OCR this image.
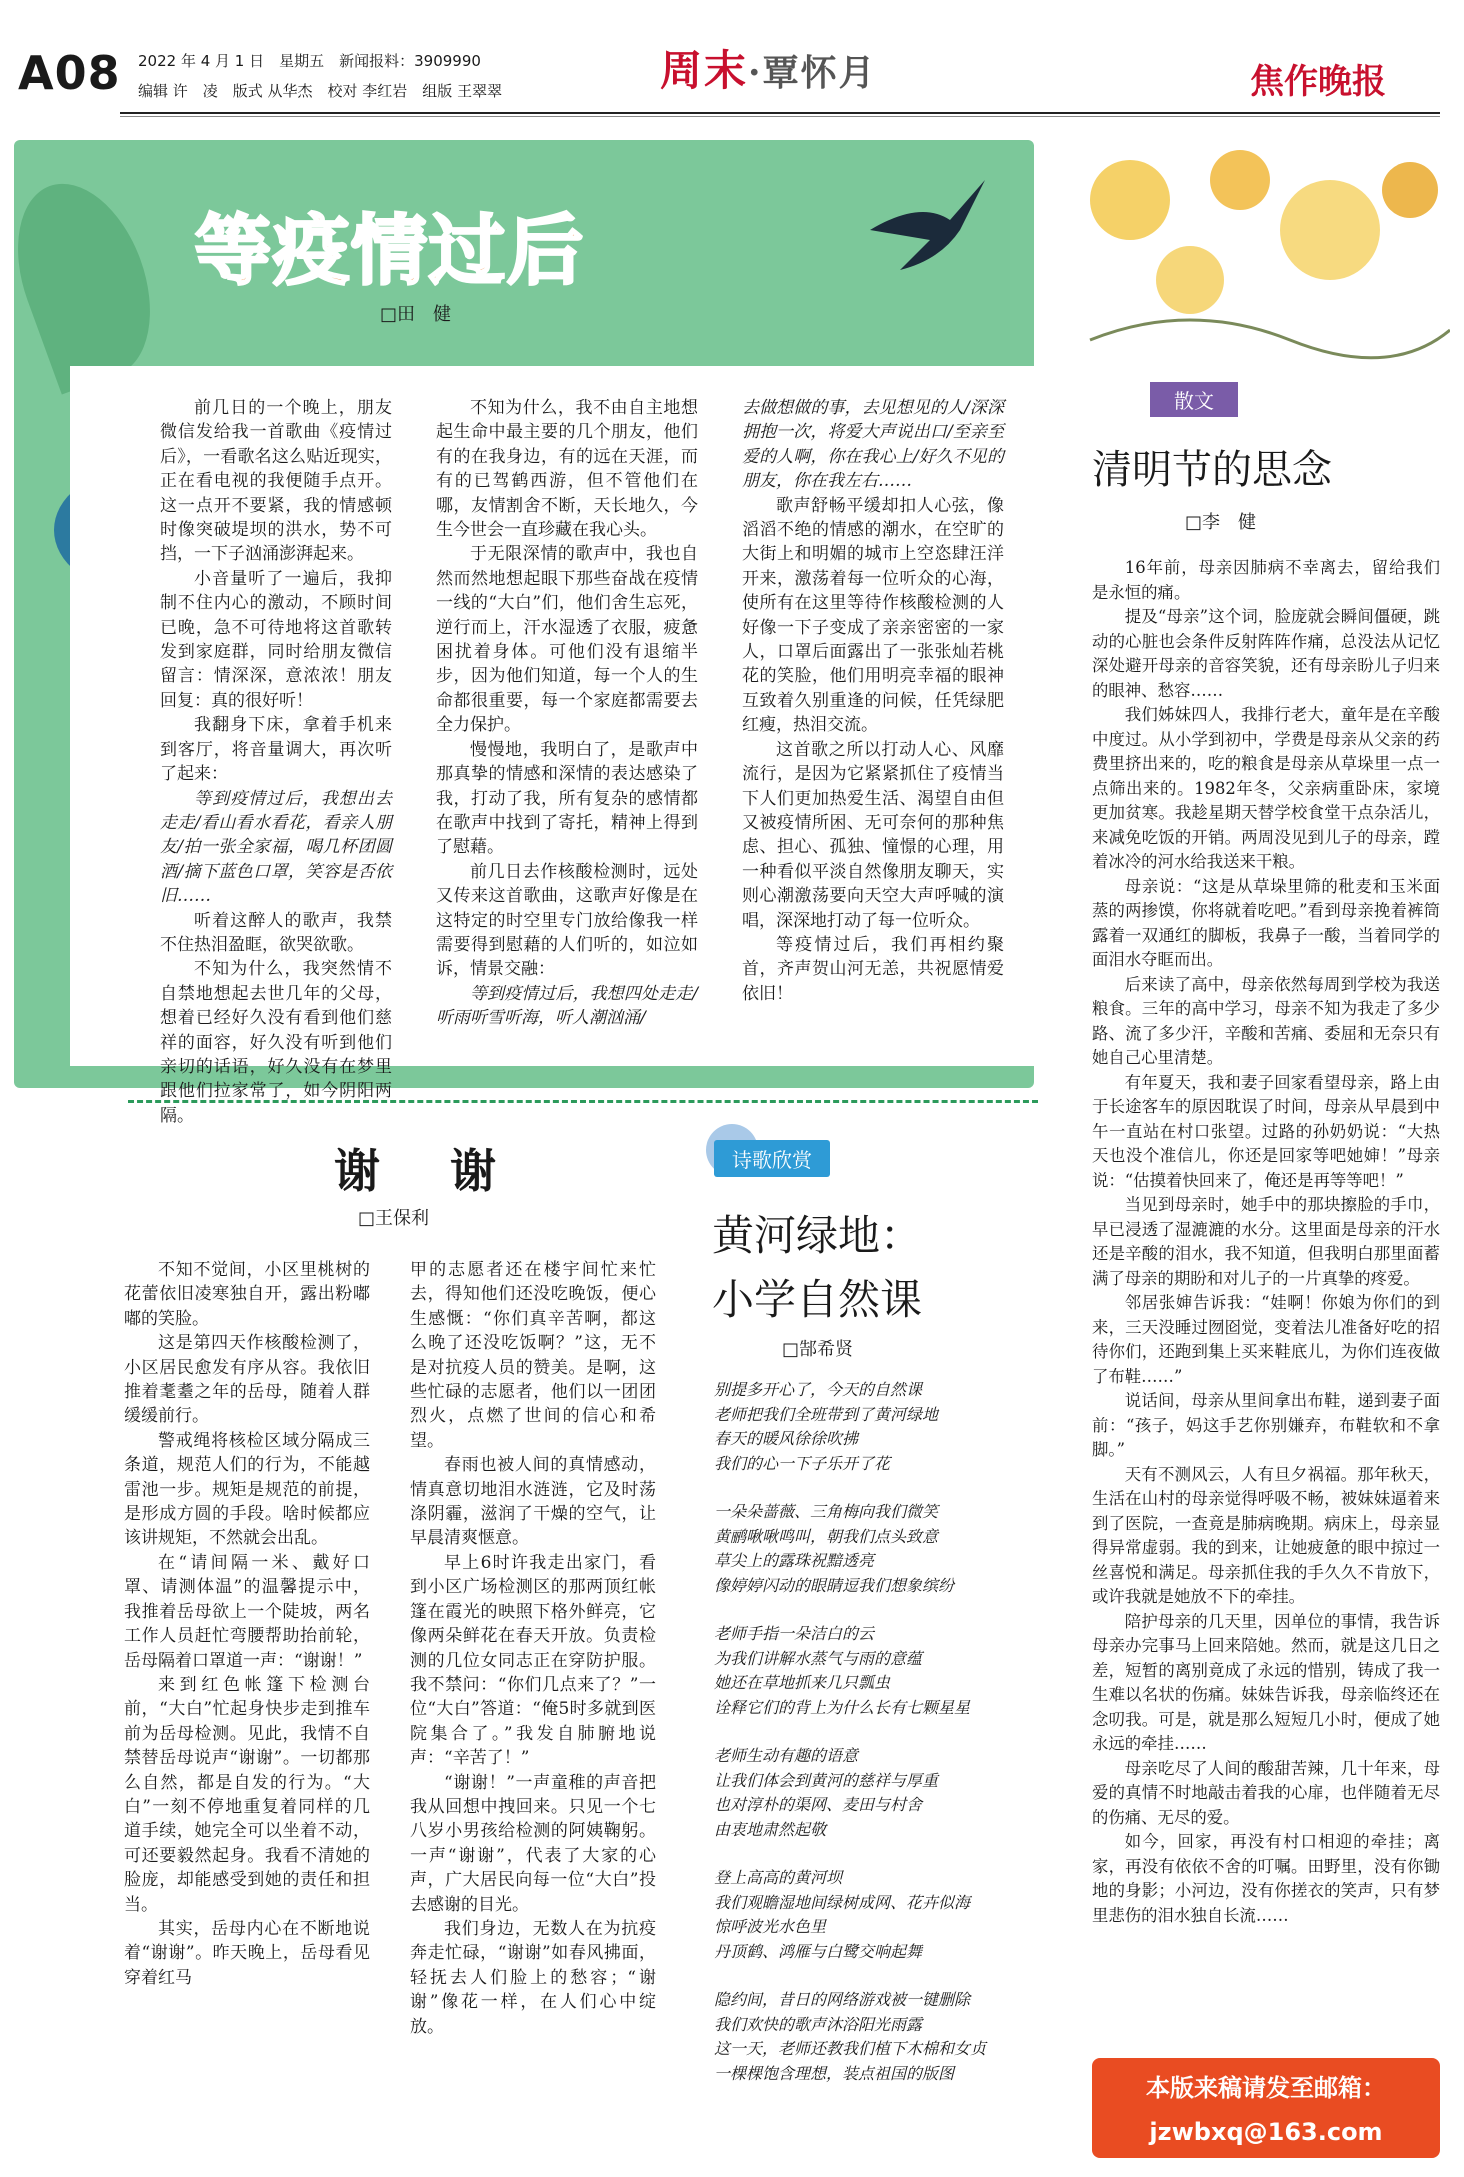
A08 2022 年 4 月 1 日　星期五　新闻报料：3909990
编辑 许　凌　版式 从华杰　校对 李红岩　组版 王翠翠	周末·覃怀月	焦作晚报
等疫情过后
□田　健

前几日的一个晚上，朋友微信发给我一首歌曲《疫情过后》，一看歌名这么贴近现实，正在看电视的我便随手点开。这一点开不要紧，我的情感顿时像突破堤坝的洪水，势不可挡，一下子汹涌澎湃起来。

小音量听了一遍后，我抑制不住内心的激动，不顾时间已晚，急不可待地将这首歌转发到家庭群，同时给朋友微信留言：情深深，意浓浓！朋友回复：真的很好听！

我翻身下床，拿着手机来到客厅，将音量调大，再次听了起来：

等到疫情过后，我想出去走走/看山看水看花，看亲人朋友/拍一张全家福，喝几杯团圆酒/摘下蓝色口罩，笑容是否依旧……

听着这醉人的歌声，我禁不住热泪盈眶，欲哭欲歌。

不知为什么，我突然情不自禁地想起去世几年的父母，想着已经好久没有看到他们慈祥的面容，好久没有听到他们亲切的话语，好久没有在梦里跟他们拉家常了，如今阴阳两隔。

不知为什么，我不由自主地想起生命中最主要的几个朋友，他们有的在我身边，有的远在天涯，而有的已驾鹤西游，但不管他们在哪，友情割舍不断，天长地久，今生今世会一直珍藏在我心头。

于无限深情的歌声中，我也自然而然地想起眼下那些奋战在疫情一线的“大白”们，他们舍生忘死，逆行而上，汗水湿透了衣服，疲惫困扰着身体。可他们没有退缩半步，因为他们知道，每一个人的生命都很重要，每一个家庭都需要去全力保护。

慢慢地，我明白了，是歌声中那真挚的情感和深情的表达感染了我，打动了我，所有复杂的感情都在歌声中找到了寄托，精神上得到了慰藉。

前几日去作核酸检测时，远处又传来这首歌曲，这歌声好像是在这特定的时空里专门放给像我一样需要得到慰藉的人们听的，如泣如诉，情景交融：

等到疫情过后，我想四处走走/听雨听雪听海，听人潮汹涌/

去做想做的事，去见想见的人/深深拥抱一次，将爱大声说出口/至亲至爱的人啊，你在我心上/好久不见的朋友，你在我左右……

歌声舒畅平缓却扣人心弦，像滔滔不绝的情感的潮水，在空旷的大街上和明媚的城市上空恣肆汪洋开来，激荡着每一位听众的心海，使所有在这里等待作核酸检测的人好像一下子变成了亲亲密密的一家人，口罩后面露出了一张张灿若桃花的笑脸，他们用明亮幸福的眼神互致着久别重逢的问候，任凭绿肥红瘦，热泪交流。

这首歌之所以打动人心、风靡流行，是因为它紧紧抓住了疫情当下人们更加热爱生活、渴望自由但又被疫情所困、无可奈何的那种焦虑、担心、孤独、憧憬的心理，用一种看似平淡自然像朋友聊天，实则心潮激荡要向天空大声呼喊的演唱，深深地打动了每一位听众。

等疫情过后，我们再相约聚首，齐声贺山河无恙，共祝愿情爱依旧！

谢　谢
□王保利

不知不觉间，小区里桃树的花蕾依旧凌寒独自开，露出粉嘟嘟的笑脸。

这是第四天作核酸检测了，小区居民愈发有序从容。我依旧推着耄耋之年的岳母，随着人群缓缓前行。

警戒绳将核检区域分隔成三条道，规范人们的行为，不能越雷池一步。规矩是规范的前提，是形成方圆的手段。啥时候都应该讲规矩，不然就会出乱。

在“请间隔一米、戴好口罩、请测体温”的温馨提示中，我推着岳母欲上一个陡坡，两名工作人员赶忙弯腰帮助抬前轮，岳母隔着口罩道一声：“谢谢！”

来到红色帐篷下检测台前，“大白”忙起身快步走到推车前为岳母检测。见此，我情不自禁替岳母说声“谢谢”。一切都那么自然，都是自发的行为。“大白”一刻不停地重复着同样的几道手续，她完全可以坐着不动，可还要毅然起身。我看不清她的脸庞，却能感受到她的责任和担当。

其实，岳母内心在不断地说着“谢谢”。昨天晚上，岳母看见穿着红马

甲的志愿者还在楼宇间忙来忙去，得知他们还没吃晚饭，便心生感慨：“你们真辛苦啊，都这么晚了还没吃饭啊？”这，无不是对抗疫人员的赞美。是啊，这些忙碌的志愿者，他们以一团团烈火，点燃了世间的信心和希望。

春雨也被人间的真情感动，情真意切地泪水涟涟，它及时荡涤阴霾，滋润了干燥的空气，让早晨清爽惬意。

早上6时许我走出家门，看到小区广场检测区的那两顶红帐篷在霞光的映照下格外鲜亮，它像两朵鲜花在春天开放。负责检测的几位女同志正在穿防护服。我不禁问：“你们几点来了？”一位“大白”答道：“俺5时多就到医院集合了。”我发自肺腑地说声：“辛苦了！”

“谢谢！”一声童稚的声音把我从回想中拽回来。只见一个七八岁小男孩给检测的阿姨鞠躬。一声“谢谢”，代表了大家的心声，广大居民向每一位“大白”投去感谢的目光。

我们身边，无数人在为抗疫奔走忙碌，“谢谢”如春风拂面，轻抚去人们脸上的愁容；“谢谢”像花一样，在人们心中绽放。

诗歌欣赏
黄河绿地：
小学自然课
□郜希贤

别提多开心了，今天的自然课

老师把我们全班带到了黄河绿地

春天的暖风徐徐吹拂

我们的心一下子乐开了花

一朵朵蔷薇、三角梅向我们微笑

黄鹂啾啾鸣叫，朝我们点头致意

草尖上的露珠祝黯透亮

像婷婷闪动的眼睛逗我们想象缤纷

老师手指一朵洁白的云

为我们讲解水蒸气与雨的意蕴

她还在草地抓来几只瓢虫

诠释它们的背上为什么长有七颗星星

老师生动有趣的语意

让我们体会到黄河的慈祥与厚重

也对淳朴的渠网、麦田与村舍

由衷地肃然起敬

登上高高的黄河坝

我们观瞻湿地间绿树成网、花卉似海

惊呼波光水色里

丹顶鹤、鸿雁与白鹭交响起舞

隐约间，昔日的网络游戏被一键删除

我们欢快的歌声沐浴阳光雨露

这一天，老师还教我们植下木棉和女贞

一棵棵饱含理想，装点祖国的版图

散文
清明节的思念
□李　健

16年前，母亲因肺病不幸离去，留给我们是永恒的痛。

提及“母亲”这个词，脸庞就会瞬间僵硬，跳动的心脏也会条件反射阵阵作痛，总没法从记忆深处避开母亲的音容笑貌，还有母亲盼儿子归来的眼神、愁容……

我们姊妹四人，我排行老大，童年是在辛酸中度过。从小学到初中，学费是母亲从父亲的药费里挤出来的，吃的粮食是母亲从草垛里一点一点筛出来的。1982年冬，父亲病重卧床，家境更加贫寒。我趁星期天替学校食堂干点杂活儿，来减免吃饭的开销。两周没见到儿子的母亲，蹚着冰冷的河水给我送来干粮。

母亲说：“这是从草垛里筛的秕麦和玉米面蒸的两掺馍，你将就着吃吧。”看到母亲挽着裤筒露着一双通红的脚板，我鼻子一酸，当着同学的面泪水夺眶而出。

后来读了高中，母亲依然每周到学校为我送粮食。三年的高中学习，母亲不知为我走了多少路、流了多少汗，辛酸和苦痛、委屈和无奈只有她自己心里清楚。

有年夏天，我和妻子回家看望母亲，路上由于长途客车的原因耽误了时间，母亲从早晨到中午一直站在村口张望。过路的孙奶奶说：“大热天也没个准信儿，你还是回家等吧她婶！”母亲说：“估摸着快回来了，俺还是再等等吧！”

当见到母亲时，她手中的那块擦脸的手巾，早已浸透了湿漉漉的水分。这里面是母亲的汗水还是辛酸的泪水，我不知道，但我明白那里面蓄满了母亲的期盼和对儿子的一片真挚的疼爱。

邻居张婶告诉我：“娃啊！你娘为你们的到来，三天没睡过囫囵觉，变着法儿准备好吃的招待你们，还跑到集上买来鞋底儿，为你们连夜做了布鞋……”

说话间，母亲从里间拿出布鞋，递到妻子面前：“孩子，妈这手艺你别嫌弃，布鞋软和不拿脚。”

天有不测风云，人有旦夕祸福。那年秋天，生活在山村的母亲觉得呼吸不畅，被妹妹逼着来到了医院，一查竟是肺病晚期。病床上，母亲显得异常虚弱。我的到来，让她疲惫的眼中掠过一丝喜悦和满足。母亲抓住我的手久久不肯放下，或许我就是她放不下的牵挂。

陪护母亲的几天里，因单位的事情，我告诉母亲办完事马上回来陪她。然而，就是这几日之差，短暂的离别竟成了永远的惜别，铸成了我一生难以名状的伤痛。妹妹告诉我，母亲临终还在念叨我。可是，就是那么短短几小时，便成了她永远的牵挂……

母亲吃尽了人间的酸甜苦辣，几十年来，母爱的真情不时地敲击着我的心扉，也伴随着无尽的伤痛、无尽的爱。

如今，回家，再没有村口相迎的牵挂；离家，再没有依依不舍的叮嘱。田野里，没有你锄地的身影；小河边，没有你搓衣的笑声，只有梦里悲伤的泪水独自长流……

本版来稿请发至邮箱：
jzwbxq@163.com
